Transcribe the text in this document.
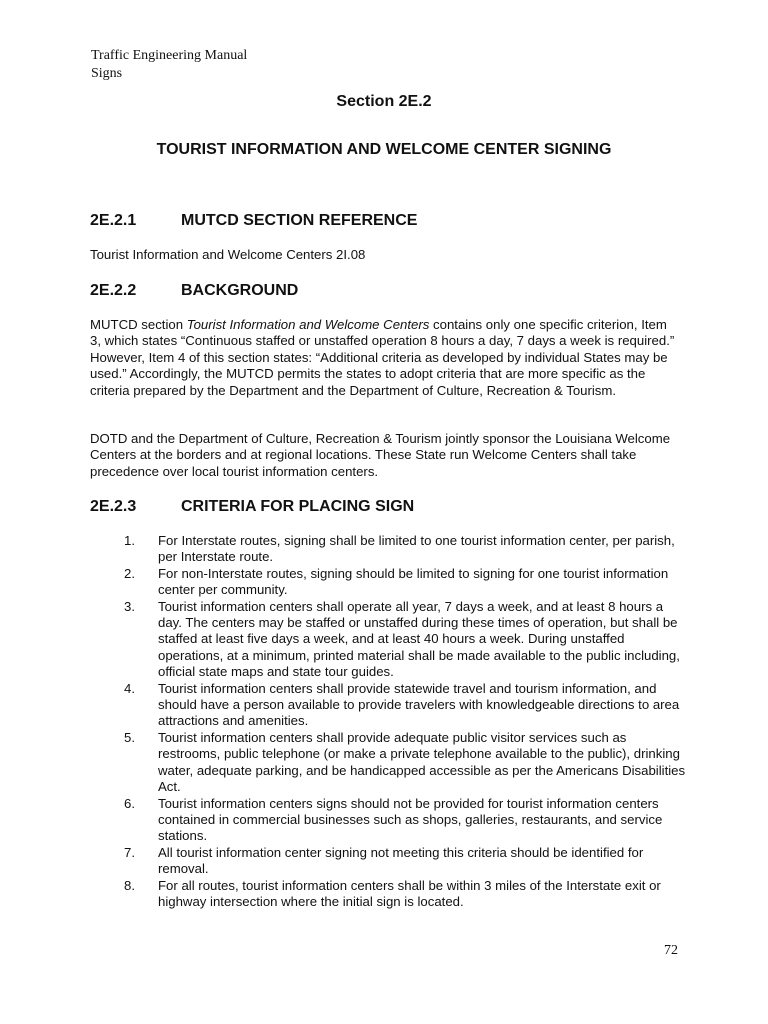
Traffic Engineering Manual
Signs
Section 2E.2
TOURIST INFORMATION AND WELCOME CENTER SIGNING
2E.2.1	MUTCD SECTION REFERENCE

Tourist Information and Welcome Centers 2I.08

2E.2.2	BACKGROUND

MUTCD section Tourist Information and Welcome Centers contains only one specific criterion, Item 3, which states “Continuous staffed or unstaffed operation 8 hours a day, 7 days a week is required.” However, Item 4 of this section states: “Additional criteria as developed by individual States may be used.” Accordingly, the MUTCD permits the states to adopt criteria that are more specific as the criteria prepared by the Department and the Department of Culture, Recreation & Tourism.

DOTD and the Department of Culture, Recreation & Tourism jointly sponsor the Louisiana Welcome Centers at the borders and at regional locations. These State run Welcome Centers shall take precedence over local tourist information centers.

2E.2.3	CRITERIA FOR PLACING SIGN
1. For Interstate routes, signing shall be limited to one tourist information center, per parish, per Interstate route.
2. For non-Interstate routes, signing should be limited to signing for one tourist information center per community.
3. Tourist information centers shall operate all year, 7 days a week, and at least 8 hours a day. The centers may be staffed or unstaffed during these times of operation, but shall be staffed at least five days a week, and at least 40 hours a week. During unstaffed operations, at a minimum, printed material shall be made available to the public including, official state maps and state tour guides.
4. Tourist information centers shall provide statewide travel and tourism information, and should have a person available to provide travelers with knowledgeable directions to area attractions and amenities.
5. Tourist information centers shall provide adequate public visitor services such as restrooms, public telephone (or make a private telephone available to the public), drinking water, adequate parking, and be handicapped accessible as per the Americans Disabilities Act.
6. Tourist information centers signs should not be provided for tourist information centers contained in commercial businesses such as shops, galleries, restaurants, and service stations.
7. All tourist information center signing not meeting this criteria should be identified for removal.
8. For all routes, tourist information centers shall be within 3 miles of the Interstate exit or highway intersection where the initial sign is located.
72
